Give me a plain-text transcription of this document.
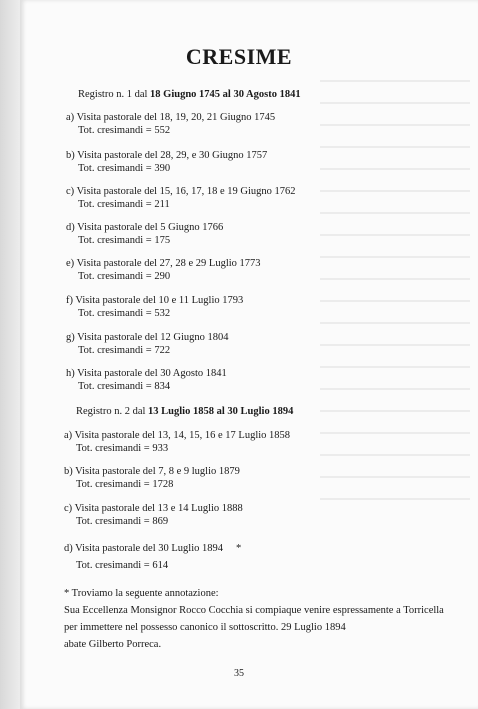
CRESIME
Registro n. 1 dal 18 Giugno 1745 al 30 Agosto 1841
a) Visita pastorale del 18, 19, 20, 21 Giugno 1745
Tot. cresimandi = 552
b) Visita pastorale del 28, 29, e 30 Giugno 1757
Tot. cresimandi = 390
c) Visita pastorale del 15, 16, 17, 18 e 19 Giugno 1762
Tot. cresimandi = 211
d) Visita pastorale del 5 Giugno 1766
Tot. cresimandi = 175
e) Visita pastorale del 27, 28 e 29 Luglio 1773
Tot. cresimandi = 290
f) Visita pastorale del 10 e 11 Luglio 1793
Tot. cresimandi = 532
g) Visita pastorale del 12 Giugno 1804
Tot. cresimandi = 722
h) Visita pastorale del 30 Agosto 1841
Tot. cresimandi = 834
Registro n. 2 dal 13 Luglio 1858 al 30 Luglio 1894
a) Visita pastorale del 13, 14, 15, 16 e 17 Luglio 1858
Tot. cresimandi = 933
b) Visita pastorale del 7, 8 e 9 luglio 1879
Tot. cresimandi = 1728
c) Visita pastorale del 13 e 14 Luglio 1888
Tot. cresimandi = 869
d) Visita pastorale del 30 Luglio 1894
Tot. cresimandi = 614
*
* Troviamo la seguente annotazione:
Sua Eccellenza Monsignor Rocco Cocchia si compiaque venire espressamente a Torricella
per immettere nel possesso canonico il sottoscritto. 29 Luglio 1894
abate Gilberto Porreca.
35
